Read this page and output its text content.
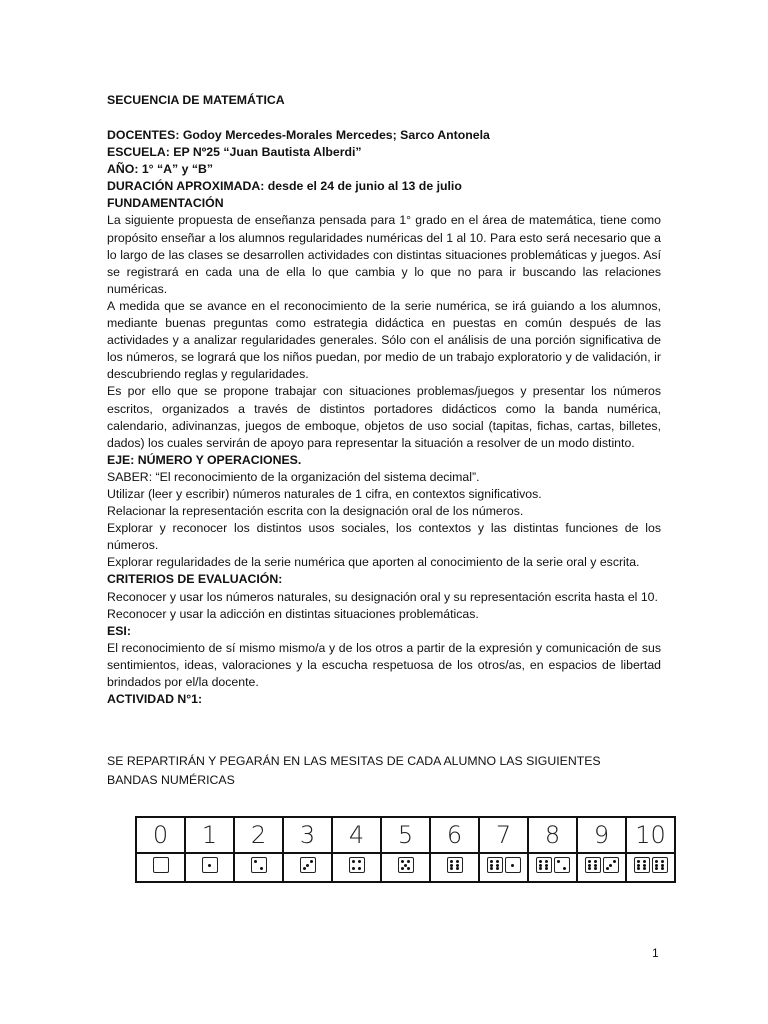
SECUENCIA DE MATEMÁTICA

DOCENTES: Godoy Mercedes-Morales Mercedes; Sarco Antonela

ESCUELA: EP Nº25 “Juan Bautista Alberdi”

AÑO: 1° “A” y “B”

DURACIÓN APROXIMADA: desde el 24 de junio al 13 de julio

FUNDAMENTACIÓN

La siguiente propuesta de enseñanza pensada para 1° grado en el área de matemática, tiene como propósito enseñar a los alumnos regularidades numéricas del 1 al 10. Para esto será necesario que a lo largo de las clases se desarrollen actividades con distintas situaciones problemáticas y juegos. Así se registrará en cada una de ella lo que cambia y lo que no para ir buscando las relaciones numéricas.

A medida que se avance en el reconocimiento de la serie numérica, se irá guiando a los alumnos, mediante buenas preguntas como estrategia didáctica en puestas en común después de las actividades y a analizar regularidades generales. Sólo con el análisis de una porción significativa de los números, se logrará que los niños puedan, por medio de un trabajo exploratorio y de validación, ir descubriendo reglas y regularidades.

Es por ello que se propone trabajar con situaciones problemas/juegos y presentar los números escritos, organizados a través de distintos portadores didácticos como la banda numérica, calendario, adivinanzas, juegos de emboque, objetos de uso social (tapitas, fichas, cartas, billetes, dados) los cuales servirán de apoyo para representar la situación a resolver de un modo distinto.

EJE: NÚMERO Y OPERACIONES.

SABER: “El reconocimiento de la organización del sistema decimal”.

Utilizar (leer y escribir) números naturales de 1 cifra, en contextos significativos.

Relacionar la representación escrita con la designación oral de los números.

Explorar y reconocer los distintos usos sociales, los contextos y las distintas funciones de los números.

Explorar regularidades de la serie numérica que aporten al conocimiento de la serie oral y escrita.

CRITERIOS DE EVALUACIÓN:

Reconocer y usar los números naturales, su designación oral y su representación escrita hasta el 10.

Reconocer y usar la adicción en distintas situaciones problemáticas.

ESI:

El reconocimiento de sí mismo mismo/a y de los otros a partir de la expresión y comunicación de sus sentimientos, ideas, valoraciones y la escucha respetuosa de los otros/as, en espacios de libertad brindados por el/la docente.

ACTIVIDAD N°1:

SE REPARTIRÁN Y PEGARÁN EN LAS MESITAS DE CADA ALUMNO LAS SIGUIENTES BANDAS NUMÉRICAS
0	1	2	3	4	5	6	7	8	9	10

1
